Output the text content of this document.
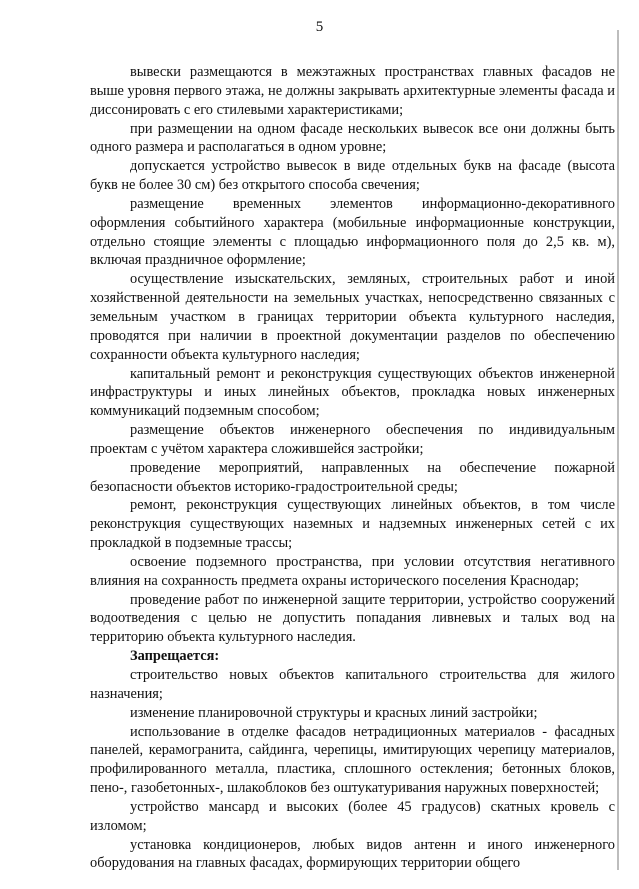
5

вывески размещаются в межэтажных пространствах главных фасадов не выше уровня первого этажа, не должны закрывать архитектурные элементы фасада и диссонировать с его стилевыми характеристиками;

при размещении на одном фасаде нескольких вывесок все они должны быть одного размера и располагаться в одном уровне;

допускается устройство вывесок в виде отдельных букв на фасаде (высота букв не более 30 см) без открытого способа свечения;

размещение временных элементов информационно-декоративного оформления событийного характера (мобильные информационные конструкции, отдельно стоящие элементы с площадью информационного поля до 2,5 кв. м), включая праздничное оформление;

осуществление изыскательских, земляных, строительных работ и иной хозяйственной деятельности на земельных участках, непосредственно связанных с земельным участком в границах территории объекта культурного наследия, проводятся при наличии в проектной документации разделов по обеспечению сохранности объекта культурного наследия;

капитальный ремонт и реконструкция существующих объектов инженерной инфраструктуры и иных линейных объектов, прокладка новых инженерных коммуникаций подземным способом;

размещение объектов инженерного обеспечения по индивидуальным проектам с учётом характера сложившейся застройки;

проведение мероприятий, направленных на обеспечение пожарной безопасности объектов историко-градостроительной среды;

ремонт, реконструкция существующих линейных объектов, в том числе реконструкция существующих наземных и надземных инженерных сетей с их прокладкой в подземные трассы;

освоение подземного пространства, при условии отсутствия негативного влияния на сохранность предмета охраны исторического поселения Краснодар;

проведение работ по инженерной защите территории, устройство сооружений водоотведения с целью не допустить попадания ливневых и талых вод на территорию объекта культурного наследия.

Запрещается:

строительство новых объектов капитального строительства для жилого назначения;

изменение планировочной структуры и красных линий застройки;

использование в отделке фасадов нетрадиционных материалов - фасадных панелей, керамогранита, сайдинга, черепицы, имитирующих черепицу материалов, профилированного металла, пластика, сплошного остекления; бетонных блоков, пено-, газобетонных-, шлакоблоков без оштукатуривания наружных поверхностей;

устройство мансард и высоких (более 45 градусов) скатных кровель с изломом;

установка кондиционеров, любых видов антенн и иного инженерного оборудования на главных фасадах, формирующих территории общего
